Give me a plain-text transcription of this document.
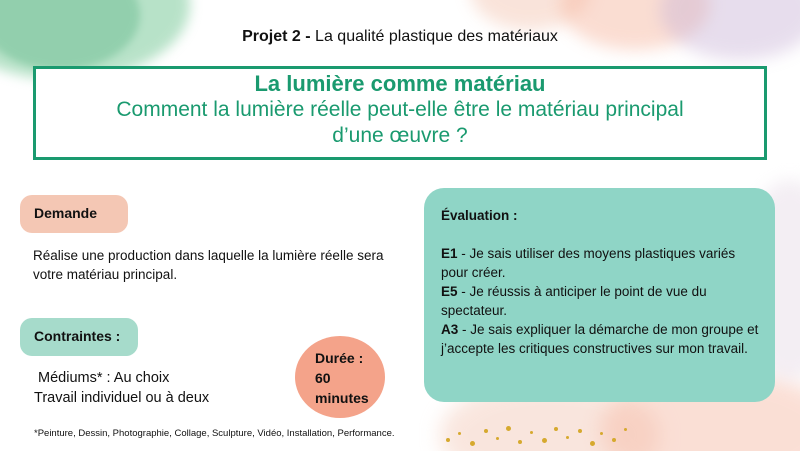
Projet 2 - La qualité plastique des matériaux
La lumière comme matériau
Comment la lumière réelle peut-elle être le matériau principal
d’une œuvre ?
Demande
Réalise une production dans laquelle la lumière réelle sera votre matériau principal.
Contraintes :
Médiums* : Au choix
Travail individuel ou à deux
Durée :
60
minutes
Évaluation :
E1 - Je sais utiliser des moyens plastiques variés pour créer.
E5 - Je réussis à anticiper le point de vue du spectateur.
A3 - Je sais expliquer la démarche de mon groupe et j’accepte les critiques constructives sur mon travail.
*Peinture, Dessin, Photographie, Collage, Sculpture, Vidéo, Installation, Performance.
